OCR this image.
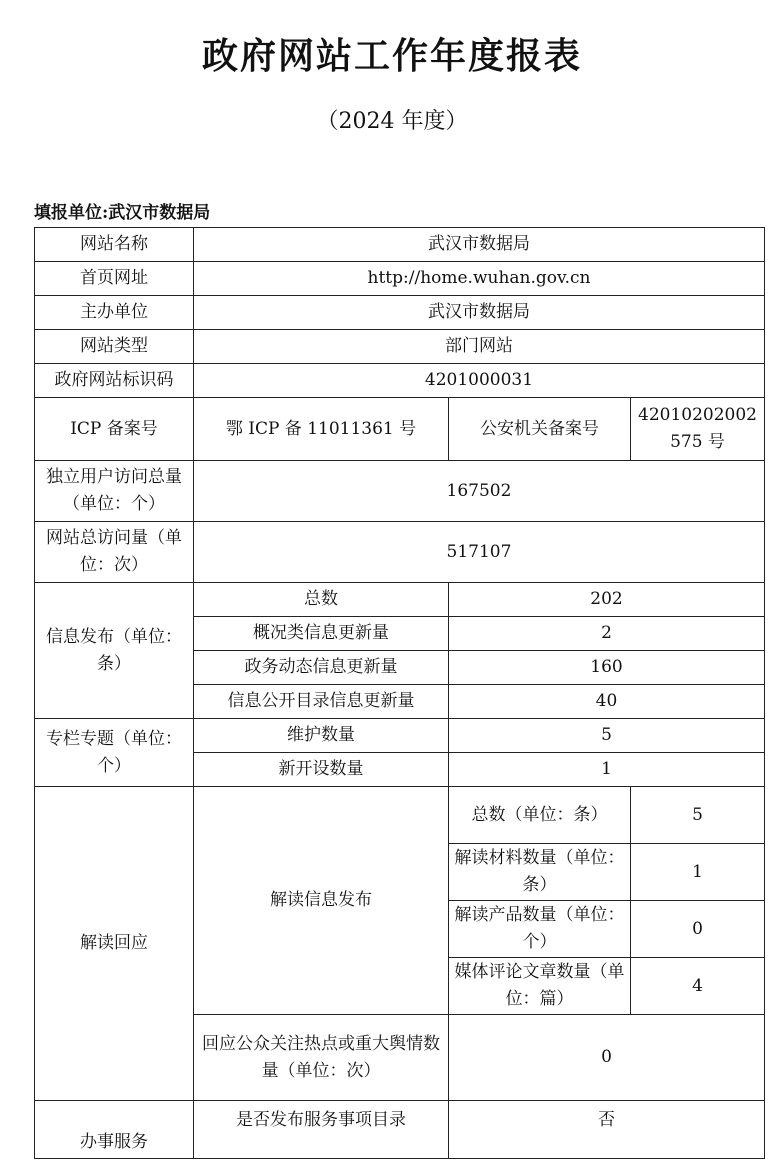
政府网站工作年度报表
（2024 年度）
填报单位:武汉市数据局
网站名称	武汉市数据局		
首页网址	http://home.wuhan.gov.cn		
主办单位	武汉市数据局		
网站类型	部门网站		
政府网站标识码	4201000031		
ICP 备案号	鄂 ICP 备 11011361 号	公安机关备案号	42010202002575 号
独立用户访问总量（单位：个）	167502		
网站总访问量（单位：次）	517107		
信息发布（单位：条）	总数	202	
	概况类信息更新量	2	
	政务动态信息更新量	160	
	信息公开目录信息更新量	40	
专栏专题（单位：个）	维护数量	5	
	新开设数量	1	
解读回应	解读信息发布	总数（单位：条）	5
		解读材料数量（单位：条）	1
		解读产品数量（单位：个）	0
		媒体评论文章数量（单位：篇）	4
	回应公众关注热点或重大舆情数量（单位：次）	0	
办事服务	是否发布服务事项目录	否	
